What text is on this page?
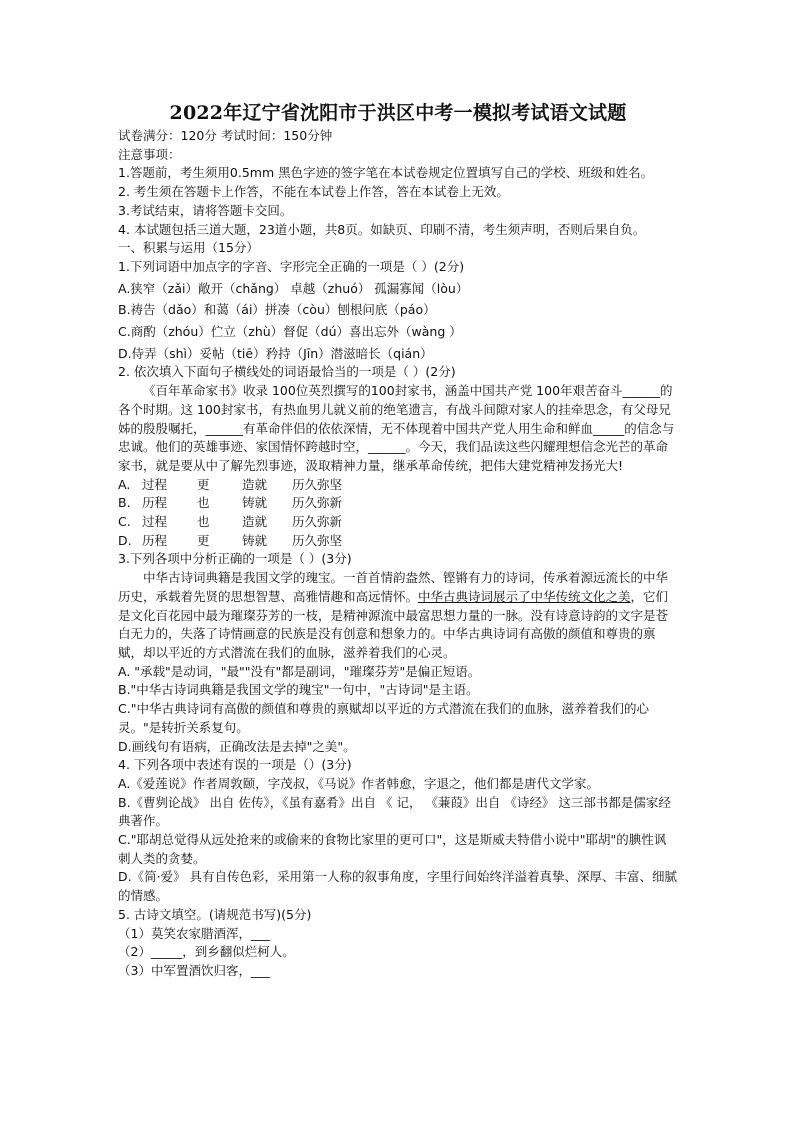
2022年辽宁省沈阳市于洪区中考一模拟考试语文试题

试卷满分：120分 考试时间：150分钟

注意事项：

1.答题前，考生须用0.5mm 黑色字迹的签字笔在本试卷规定位置填写自己的学校、班级和姓名。

2. 考生须在答题卡上作答，不能在本试卷上作答，答在本试卷上无效。

3.考试结束，请将答题卡交回。

4. 本试题包括三道大题，23道小题，共8页。如缺页、印刷不清，考生须声明，否则后果自负。

一、积累与运用（15分）

1.下列词语中加点字的字音、字形完全正确的一项是（ ）(2分)

A.狭窄（zǎi）敞开（chǎng） 卓越（zhuó） 孤漏寡闻（lòu）

B.祷告（dǎo）和蔼（ái）拼凑（còu）刨根问底（páo）

C.商酌（zhóu）伫立（zhù）督促（dú）喜出忘外（wàng ）

D.侍弄（shì）妥帖（tiē）矜持（Jīn）潜滋暗长（qián）

2. 依次填入下面句子横线处的词语最恰当的一项是（ ）(2分)

《百年革命家书》收录 100位英烈撰写的100封家书，涵盖中国共产党 100年艰苦奋斗______的各个时期。这 100封家书，有热血男儿就义前的绝笔遗言，有战斗间隙对家人的挂牵思念，有父母兄姊的殷殷嘱托，______有革命伴侣的依依深情，无不体现着中国共产党人用生命和鲜血_____的信念与忠诚。他们的英雄事迹、家国情怀跨越时空，______。今天，我们品读这些闪耀理想信念光芒的革命家书，就是要从中了解先烈事迹，汲取精神力量，继承革命传统，把伟大建党精神发扬光大!

A. 过程	更	造就	历久弥坚
B. 历程	也	铸就	历久弥新
C. 过程	也	造就	历久弥新
D. 历程	更	铸就	历久弥坚

3.下列各项中分析正确的一项是（ ）(3分)

中华古诗词典籍是我国文学的瑰宝。一首首情韵盎然、铿锵有力的诗词，传承着源远流长的中华历史，承载着先贤的思想智慧、高雅情趣和高远情怀。中华古典诗词展示了中华传统文化之美，它们是文化百花园中最为璀璨芬芳的一枝，是精神源流中最富思想力量的一脉。没有诗意诗韵的文字是苍白无力的，失落了诗情画意的民族是没有创意和想象力的。中华古典诗词有高傲的颜值和尊贵的禀赋，却以平近的方式潜流在我们的血脉，滋养着我们的心灵。

A. "承载"是动词，"最""没有"都是副词，"璀璨芬芳"是偏正短语。

B."中华古诗词典籍是我国文学的瑰宝"一句中，"古诗词"是主语。

C."中华古典诗词有高傲的颜值和尊贵的禀赋却以平近的方式潜流在我们的血脉，滋养着我们的心灵。"是转折关系复句。

D.画线句有语病，正确改法是去掉"之美"。

4. 下列各项中表述有误的一项是（）(3分)

A.《爱莲说》作者周敦颐，字茂叔，《马说》作者韩愈，字退之，他们都是唐代文学家。

B.《曹刿论战》 出自 佐传》，《虽有嘉肴》出自 《 记， 《蒹葭》出自 《诗经》 这三部书都是儒家经典著作。

C."耶胡总觉得从远处抢来的或偷来的食物比家里的更可口"，这是斯威夫特借小说中"耶胡"的腆性讽刺人类的贪婪。

D.《简·爱》 具有自传色彩，采用第一人称的叙事角度，字里行间始终洋溢着真挚、深厚、丰富、细腻的情感。

5. 古诗文填空。(请规范书写)(5分)

（1）莫笑农家腊酒浑，___

（2）_____，到乡翻似烂柯人。

（3）中军置酒饮归客，___
